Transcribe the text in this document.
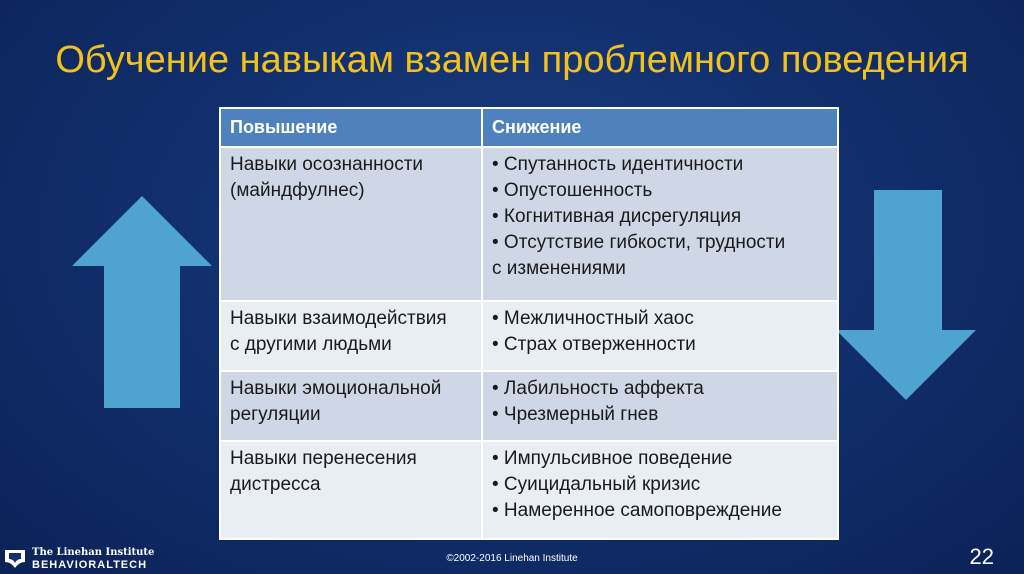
Обучение навыкам взамен проблемного поведения
Повышение	Снижение

Навыки осознанности
(майндфулнес)	• Спутанность идентичности
• Опустошенность
• Когнитивная дисрегуляция
• Отсутствие гибкости, трудности
с изменениями

Навыки взаимодействия
с другими людьми	• Межличностный хаос
• Страх отверженности

Навыки эмоциональной
регуляции	• Лабильность аффекта
• Чрезмерный гнев

Навыки перенесения
дистресса	• Импульсивное поведение
• Суицидальный кризис
• Намеренное самоповреждение
The Linehan Institute
BEHAVIORALTECH
©2002-2016 Linehan Institute	22
